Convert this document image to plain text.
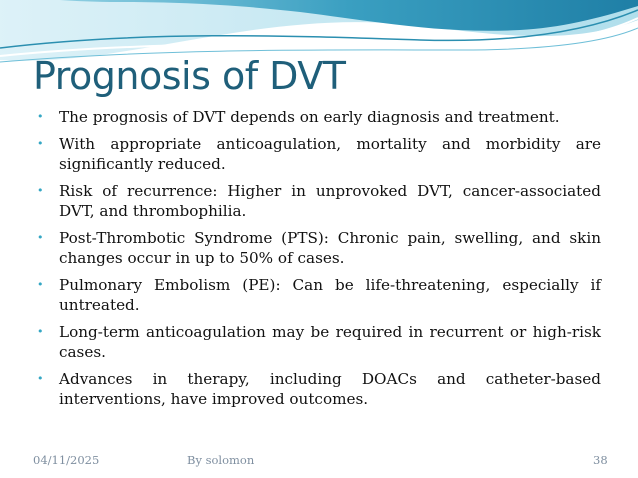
Prognosis of DVT
• The prognosis of DVT depends on early diagnosis and treatment.
• With appropriate anticoagulation, mortality and morbidity are significantly reduced.
• Risk of recurrence: Higher in unprovoked DVT, cancer-associated DVT, and thrombophilia.
• Post-Thrombotic Syndrome (PTS): Chronic pain, swelling, and skin changes occur in up to 50% of cases.
• Pulmonary Embolism (PE): Can be life-threatening, especially if untreated.
• Long-term anticoagulation may be required in recurrent or high-risk cases.
• Advances in therapy, including DOACs and catheter-based interventions, have improved outcomes.
04/11/2025	By solomon	38
